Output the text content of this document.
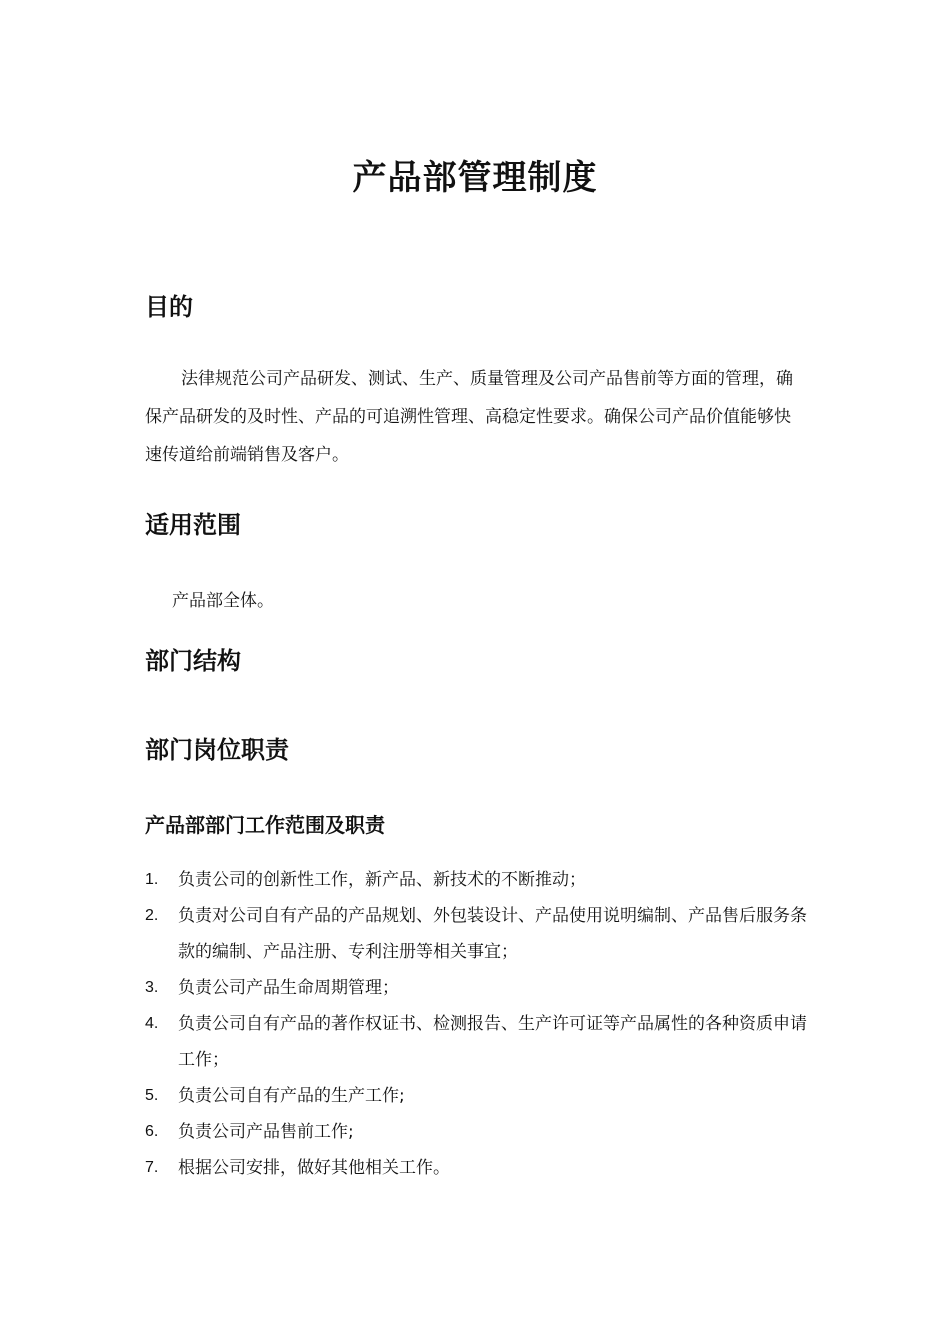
产品部管理制度
目的
法律规范公司产品研发、测试、生产、质量管理及公司产品售前等方面的管理，确保产品研发的及时性、产品的可追溯性管理、高稳定性要求。确保公司产品价值能够快速传道给前端销售及客户。
适用范围
产品部全体。
部门结构
部门岗位职责
产品部部门工作范围及职责
1. 负责公司的创新性工作，新产品、新技术的不断推动；
2. 负责对公司自有产品的产品规划、外包装设计、产品使用说明编制、产品售后服务条款的编制、产品注册、专利注册等相关事宜；
3. 负责公司产品生命周期管理；
4. 负责公司自有产品的著作权证书、检测报告、生产许可证等产品属性的各种资质申请工作；
5. 负责公司自有产品的生产工作;
6. 负责公司产品售前工作;
7. 根据公司安排，做好其他相关工作。
